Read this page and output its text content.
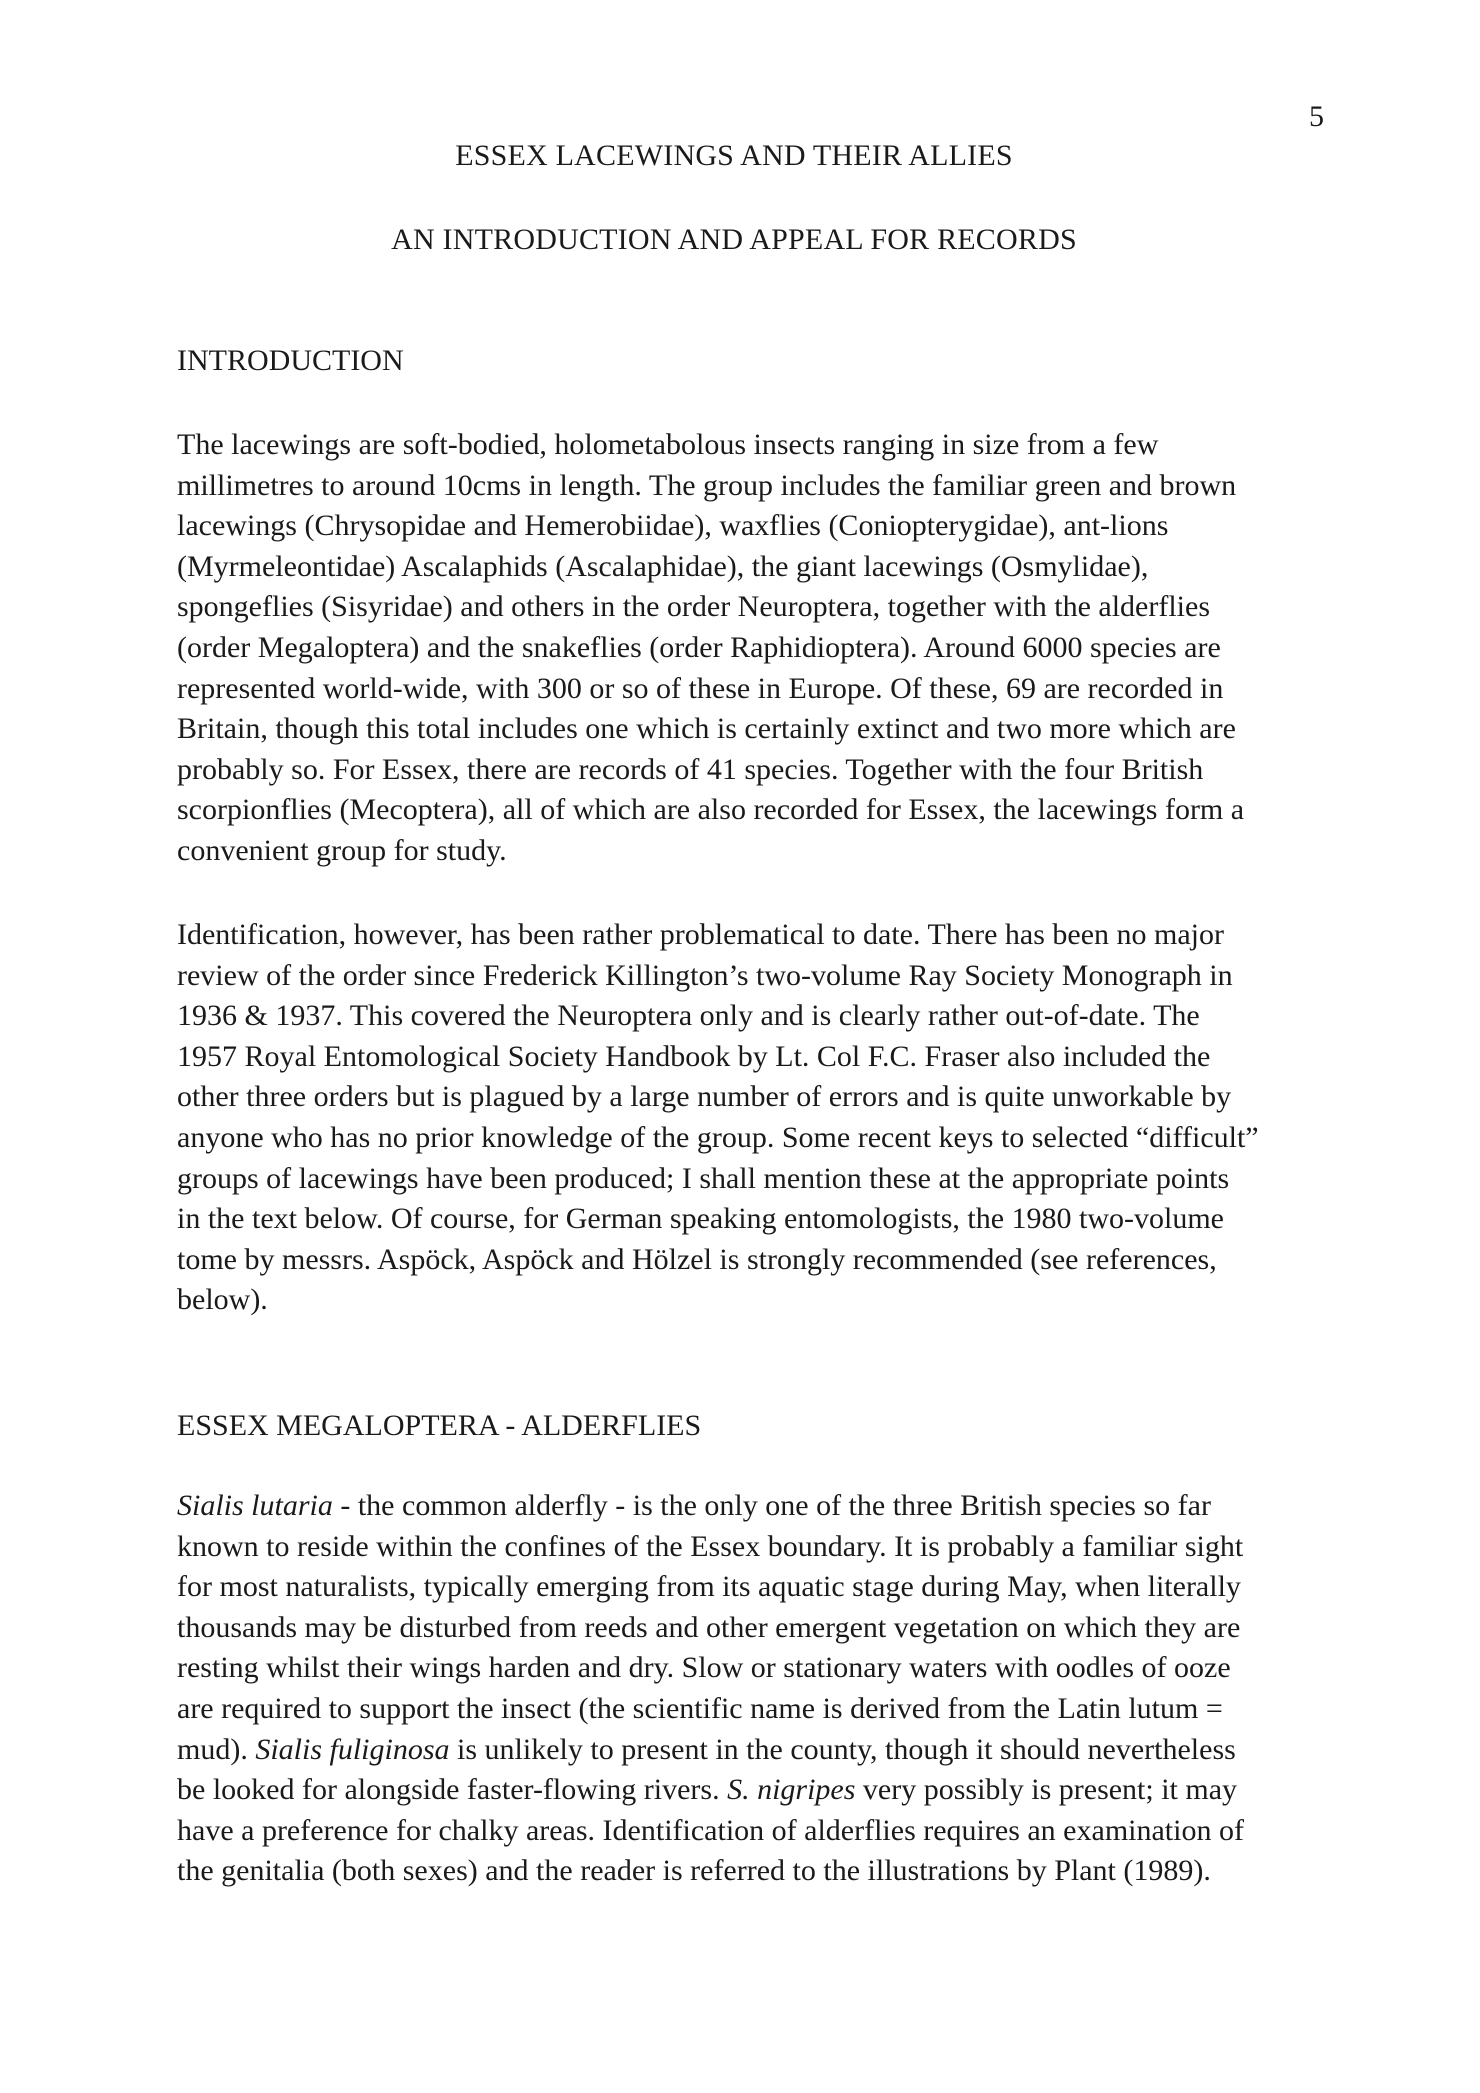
5
ESSEX LACEWINGS AND THEIR ALLIES
AN INTRODUCTION AND APPEAL FOR RECORDS
INTRODUCTION
The lacewings are soft-bodied, holometabolous insects ranging in size from a few
millimetres to around 10cms in length. The group includes the familiar green and brown
lacewings (Chrysopidae and Hemerobiidae), waxflies (Coniopterygidae), ant-lions
(Myrmeleontidae) Ascalaphids (Ascalaphidae), the giant lacewings (Osmylidae),
spongeflies (Sisyridae) and others in the order Neuroptera, together with the alderflies
(order Megaloptera) and the snakeflies (order Raphidioptera). Around 6000 species are
represented world-wide, with 300 or so of these in Europe. Of these, 69 are recorded in
Britain, though this total includes one which is certainly extinct and two more which are
probably so. For Essex, there are records of 41 species. Together with the four British
scorpionflies (Mecoptera), all of which are also recorded for Essex, the lacewings form a
convenient group for study.
Identification, however, has been rather problematical to date. There has been no major
review of the order since Frederick Killington’s two-volume Ray Society Monograph in
1936 & 1937. This covered the Neuroptera only and is clearly rather out-of-date. The
1957 Royal Entomological Society Handbook by Lt. Col F.C. Fraser also included the
other three orders but is plagued by a large number of errors and is quite unworkable by
anyone who has no prior knowledge of the group. Some recent keys to selected “difficult”
groups of lacewings have been produced; I shall mention these at the appropriate points
in the text below. Of course, for German speaking entomologists, the 1980 two-volume
tome by messrs. Aspöck, Aspöck and Hölzel is strongly recommended (see references,
below).
ESSEX MEGALOPTERA - ALDERFLIES
Sialis lutaria - the common alderfly - is the only one of the three British species so far
known to reside within the confines of the Essex boundary. It is probably a familiar sight
for most naturalists, typically emerging from its aquatic stage during May, when literally
thousands may be disturbed from reeds and other emergent vegetation on which they are
resting whilst their wings harden and dry. Slow or stationary waters with oodles of ooze
are required to support the insect (the scientific name is derived from the Latin lutum =
mud). Sialis fuliginosa is unlikely to present in the county, though it should nevertheless
be looked for alongside faster-flowing rivers. S. nigripes very possibly is present; it may
have a preference for chalky areas. Identification of alderflies requires an examination of
the genitalia (both sexes) and the reader is referred to the illustrations by Plant (1989).
